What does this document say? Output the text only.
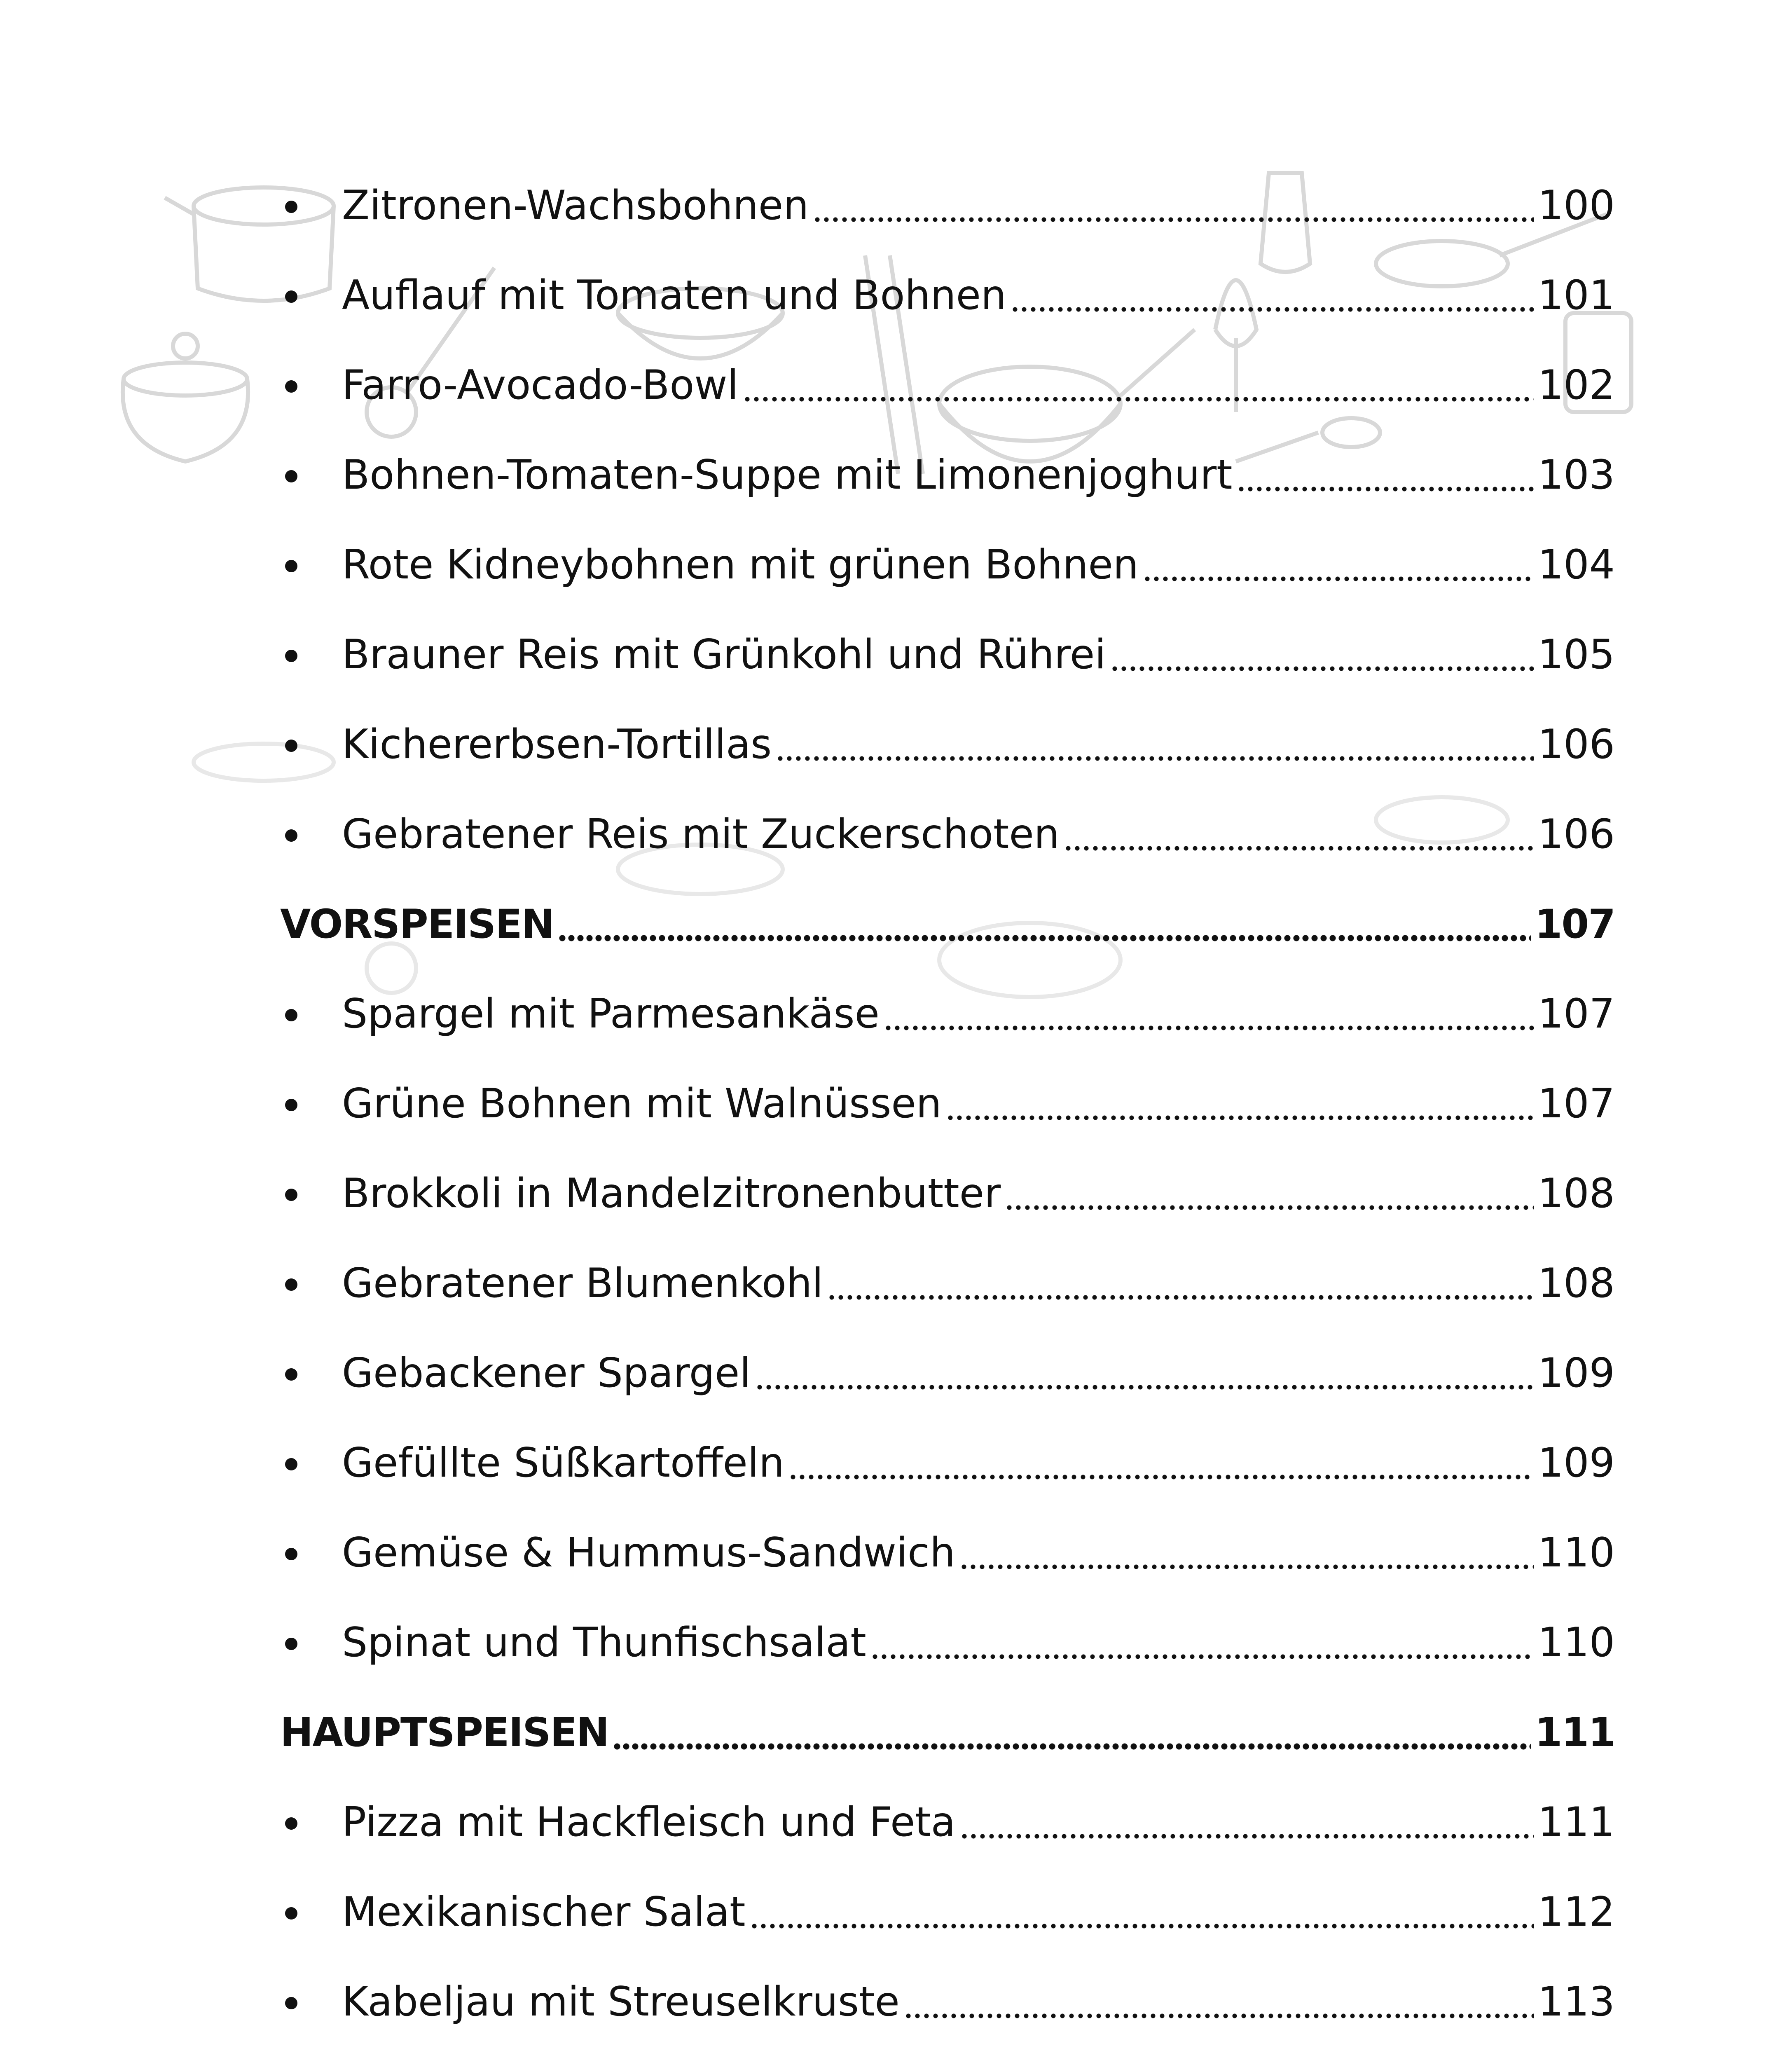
Zitronen-Wachsbohnen	100
Auflauf mit Tomaten und Bohnen	101
Farro-Avocado-Bowl	102
Bohnen-Tomaten-Suppe mit Limonenjoghurt	103
Rote Kidneybohnen mit grünen Bohnen	104
Brauner Reis mit Grünkohl und Rührei	105
Kichererbsen-Tortillas	106
Gebratener Reis mit Zuckerschoten	106
VORSPEISEN	107
Spargel mit Parmesankäse	107
Grüne Bohnen mit Walnüssen	107
Brokkoli in Mandelzitronenbutter	108
Gebratener Blumenkohl	108
Gebackener Spargel	109
Gefüllte Süßkartoffeln	109
Gemüse & Hummus-Sandwich	110
Spinat und Thunfischsalat	110
HAUPTSPEISEN	111
Pizza mit Hackfleisch und Feta	111
Mexikanischer Salat	112
Kabeljau mit Streuselkruste	113
